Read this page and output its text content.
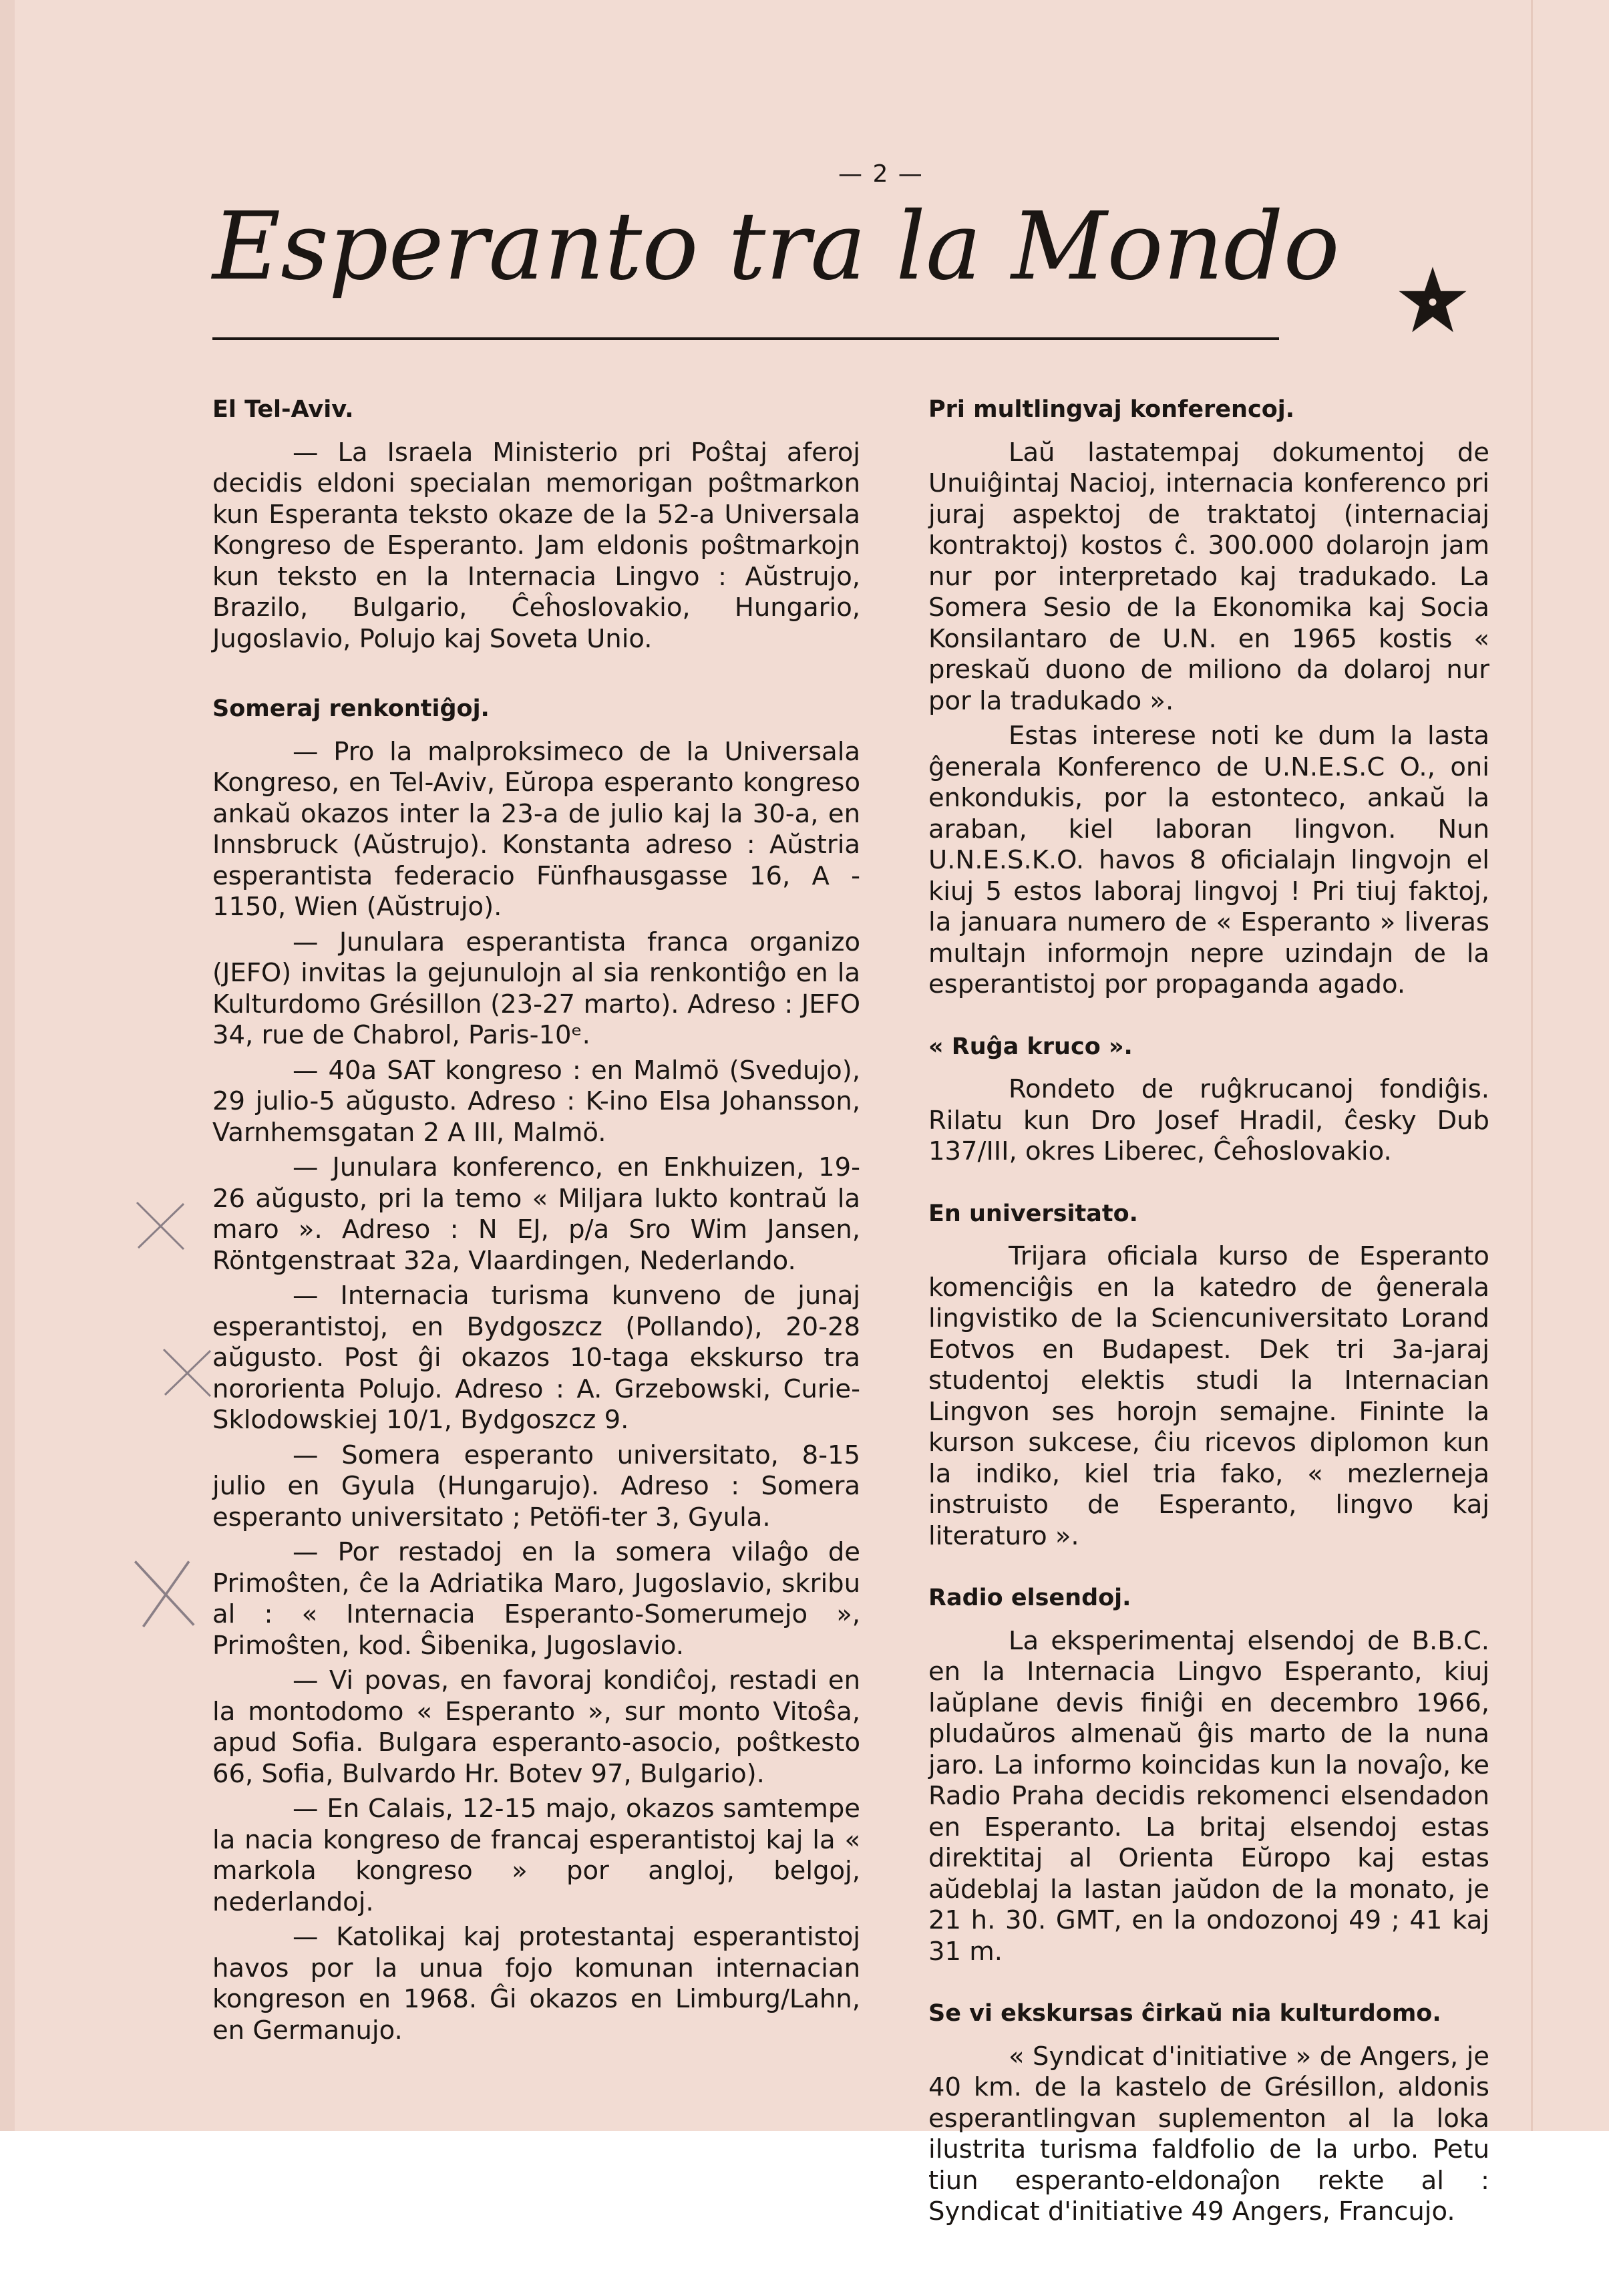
— 2 —
Esperanto tra la Mondo
El Tel-Aviv.

— La Israela Ministerio pri Poŝtaj aferoj decidis eldoni specialan memorigan poŝtmarkon kun Esperanta teksto okaze de la 52-a Universala Kongreso de Esperanto. Jam eldonis poŝtmarkojn kun teksto en la Internacia Lingvo : Aŭstrujo, Brazilo, Bulgario, Ĉeĥoslovakio, Hungario, Jugoslavio, Polujo kaj Soveta Unio.

Someraj renkontiĝoj.

— Pro la malproksimeco de la Universala Kongreso, en Tel-Aviv, Eŭropa esperanto kongreso ankaŭ okazos inter la 23-a de julio kaj la 30-a, en Innsbruck (Aŭstrujo). Konstanta adreso : Aŭstria esperantista federacio Fünfhausgasse 16, A - 1150, Wien (Aŭstrujo).

— Junulara esperantista franca organizo (JEFO) invitas la gejunulojn al sia renkontiĝo en la Kulturdomo Grésillon (23-27 marto). Adreso : JEFO 34, rue de Chabrol, Paris-10ᵉ.

— 40a SAT kongreso : en Malmö (Svedujo), 29 julio-5 aŭgusto. Adreso : K-ino Elsa Johansson, Varnhemsgatan 2 A III, Malmö.

— Junulara konferenco, en Enkhuizen, 19-26 aŭgusto, pri la temo « Miljara lukto kontraŭ la maro ». Adreso : N EJ, p/a Sro Wim Jansen, Röntgenstraat 32a, Vlaardingen, Nederlando.

— Internacia turisma kunveno de junaj esperantistoj, en Bydgoszcz (Pollando), 20-28 aŭgusto. Post ĝi okazos 10-taga ekskurso tra nororienta Polujo. Adreso : A. Grzebowski, Curie-Sklodowskiej 10/1, Bydgoszcz 9.

— Somera esperanto universitato, 8-15 julio en Gyula (Hungarujo). Adreso : Somera esperanto universitato ; Petöfi-ter 3, Gyula.

— Por restadoj en la somera vilaĝo de Primoŝten, ĉe la Adriatika Maro, Jugoslavio, skribu al : « Internacia Esperanto-Somerumejo », Primoŝten, kod. Ŝibenika, Jugoslavio.

— Vi povas, en favoraj kondiĉoj, restadi en la montodomo « Esperanto », sur monto Vitoŝa, apud Sofia. Bulgara esperanto-asocio, poŝtkesto 66, Sofia, Bulvardo Hr. Botev 97, Bulgario).

— En Calais, 12-15 majo, okazos samtempe la nacia kongreso de francaj esperantistoj kaj la « markola kongreso » por angloj, belgoj, nederlandoj.

— Katolikaj kaj protestantaj esperantistoj havos por la unua fojo komunan internacian kongreson en 1968. Ĝi okazos en Limburg/Lahn, en Germanujo.

Pri multlingvaj konferencoj.

Laŭ lastatempaj dokumentoj de Unuiĝintaj Nacioj, internacia konferenco pri juraj aspektoj de traktatoj (internaciaj kontraktoj) kostos ĉ. 300.000 dolarojn jam nur por interpretado kaj tradukado. La Somera Sesio de la Ekonomika kaj Socia Konsilantaro de U.N. en 1965 kostis « preskaŭ duono de miliono da dolaroj nur por la tradukado ».

Estas interese noti ke dum la lasta ĝenerala Konferenco de U.N.E.S.C O., oni enkondukis, por la estonteco, ankaŭ la araban, kiel laboran lingvon. Nun U.N.E.S.K.O. havos 8 oficialajn lingvojn el kiuj 5 estos laboraj lingvoj ! Pri tiuj faktoj, la januara numero de « Esperanto » liveras multajn informojn nepre uzindajn de la esperantistoj por propaganda agado.

« Ruĝa kruco ».

Rondeto de ruĝkrucanoj fondiĝis. Rilatu kun Dro Josef Hradil, ĉesky Dub 137/III, okres Liberec, Ĉeĥoslovakio.

En universitato.

Trijara oficiala kurso de Esperanto komenciĝis en la katedro de ĝenerala lingvistiko de la Sciencuniversitato Lorand Eotvos en Budapest. Dek tri 3a-jaraj studentoj elektis studi la Internacian Lingvon ses horojn semajne. Fininte la kurson sukcese, ĉiu ricevos diplomon kun la indiko, kiel tria fako, « mezlerneja instruisto de Esperanto, lingvo kaj literaturo ».

Radio elsendoj.

La eksperimentaj elsendoj de B.B.C. en la Internacia Lingvo Esperanto, kiuj laŭplane devis finiĝi en decembro 1966, pludaŭros almenaŭ ĝis marto de la nuna jaro. La informo koincidas kun la novaĵo, ke Radio Praha decidis rekomenci elsendadon en Esperanto. La britaj elsendoj estas direktitaj al Orienta Eŭropo kaj estas aŭdeblaj la lastan jaŭdon de la monato, je 21 h. 30. GMT, en la ondozonoj 49 ; 41 kaj 31 m.

Se vi ekskursas ĉirkaŭ nia kulturdomo.

« Syndicat d'initiative » de Angers, je 40 km. de la kastelo de Grésillon, aldonis esperantlingvan suplementon al la loka ilustrita turisma faldfolio de la urbo. Petu tiun esperanto-eldonaĵon rekte al : Syndicat d'initiative 49 Angers, Francujo.
